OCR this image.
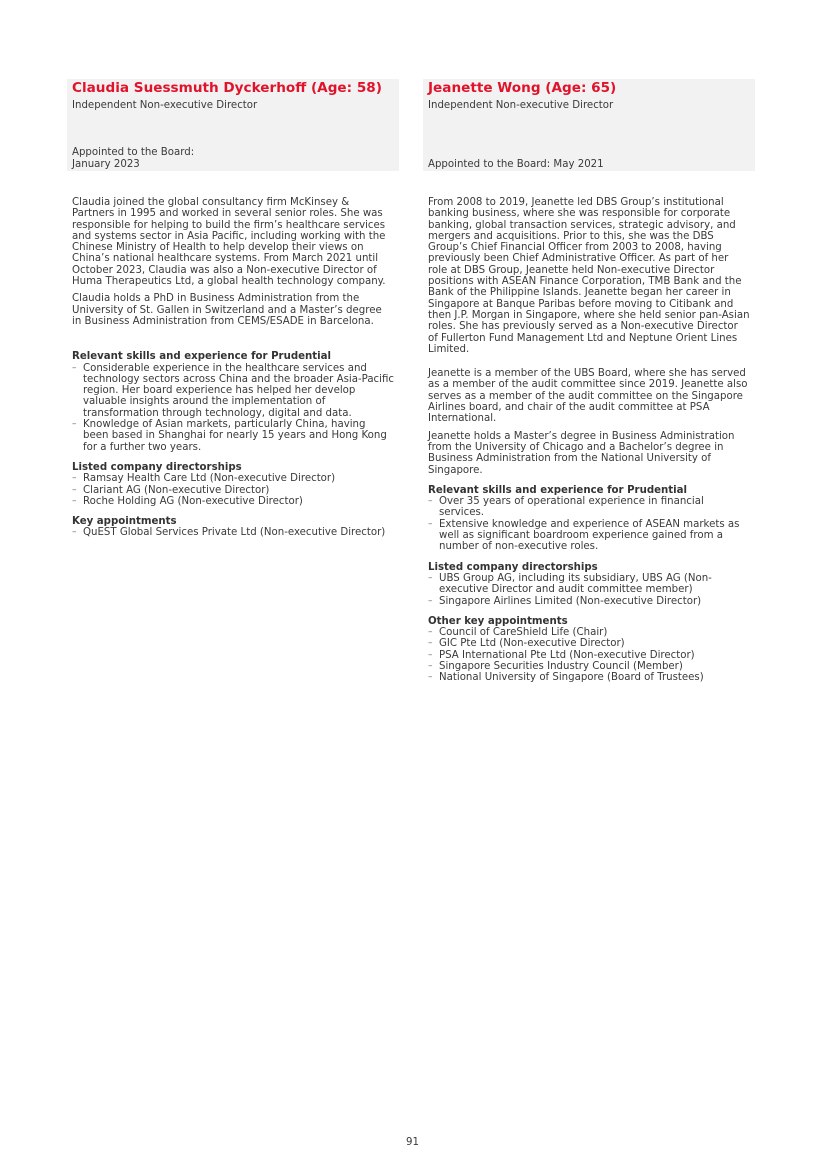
Claudia Suessmuth Dyckerhoff (Age: 58)
Independent Non-executive Director
Appointed to the Board:
January 2023

Claudia joined the global consultancy firm McKinsey & Partners in 1995 and worked in several senior roles. She was responsible for helping to build the firm’s healthcare services and systems sector in Asia Pacific, including working with the Chinese Ministry of Health to help develop their views on China’s national healthcare systems. From March 2021 until October 2023, Claudia was also a Non-executive Director of Huma Therapeutics Ltd, a global health technology company.

Claudia holds a PhD in Business Administration from the University of St. Gallen in Switzerland and a Master’s degree in Business Administration from CEMS/ESADE in Barcelona.

Relevant skills and experience for Prudential
– Considerable experience in the healthcare services and technology sectors across China and the broader Asia-Pacific region. Her board experience has helped her develop valuable insights around the implementation of transformation through technology, digital and data.
– Knowledge of Asian markets, particularly China, having been based in Shanghai for nearly 15 years and Hong Kong for a further two years.
Listed company directorships
– Ramsay Health Care Ltd (Non-executive Director)
– Clariant AG (Non-executive Director)
– Roche Holding AG (Non-executive Director)
Key appointments
– QuEST Global Services Private Ltd (Non-executive Director)
Jeanette Wong (Age: 65)
Independent Non-executive Director
Appointed to the Board: May 2021

From 2008 to 2019, Jeanette led DBS Group’s institutional banking business, where she was responsible for corporate banking, global transaction services, strategic advisory, and mergers and acquisitions. Prior to this, she was the DBS Group’s Chief Financial Officer from 2003 to 2008, having previously been Chief Administrative Officer. As part of her role at DBS Group, Jeanette held Non-executive Director positions with ASEAN Finance Corporation, TMB Bank and the Bank of the Philippine Islands. Jeanette began her career in Singapore at Banque Paribas before moving to Citibank and then J.P. Morgan in Singapore, where she held senior pan-Asian roles. She has previously served as a Non-executive Director of Fullerton Fund Management Ltd and Neptune Orient Lines Limited.

Jeanette is a member of the UBS Board, where she has served as a member of the audit committee since 2019. Jeanette also serves as a member of the audit committee on the Singapore Airlines board, and chair of the audit committee at PSA International.

Jeanette holds a Master’s degree in Business Administration from the University of Chicago and a Bachelor’s degree in Business Administration from the National University of Singapore.

Relevant skills and experience for Prudential
– Over 35 years of operational experience in financial services.
– Extensive knowledge and experience of ASEAN markets as well as significant boardroom experience gained from a number of non-executive roles.
Listed company directorships
– UBS Group AG, including its subsidiary, UBS AG (Non-executive Director and audit committee member)
– Singapore Airlines Limited (Non-executive Director)
Other key appointments
– Council of CareShield Life (Chair)
– GIC Pte Ltd (Non-executive Director)
– PSA International Pte Ltd (Non-executive Director)
– Singapore Securities Industry Council (Member)
– National University of Singapore (Board of Trustees)
91
